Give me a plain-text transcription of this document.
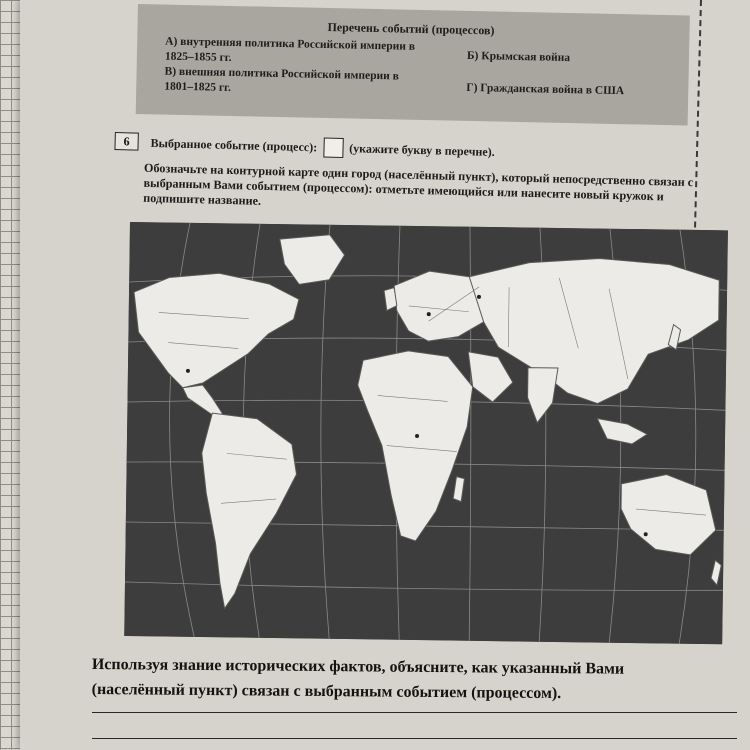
Перечень событий (процессов)
А) внутренняя политика Российской империи в 1825–1855 гг.	Б) Крымская война
В) внешняя политика Российской империи в 1801–1825 гг.	Г) Гражданская война в США
6	Выбранное событие (процесс):	(укажите букву в перечне).
Обозначьте на контурной карте один город (населённый пункт), который непосредственно связан с выбранным Вами событием (процессом): отметьте имеющийся или нанесите новый кружок и подпишите название.
Используя знание исторических фактов, объясните, как указанный Вами
(населённый пункт) связан с выбранным событием (процессом).
